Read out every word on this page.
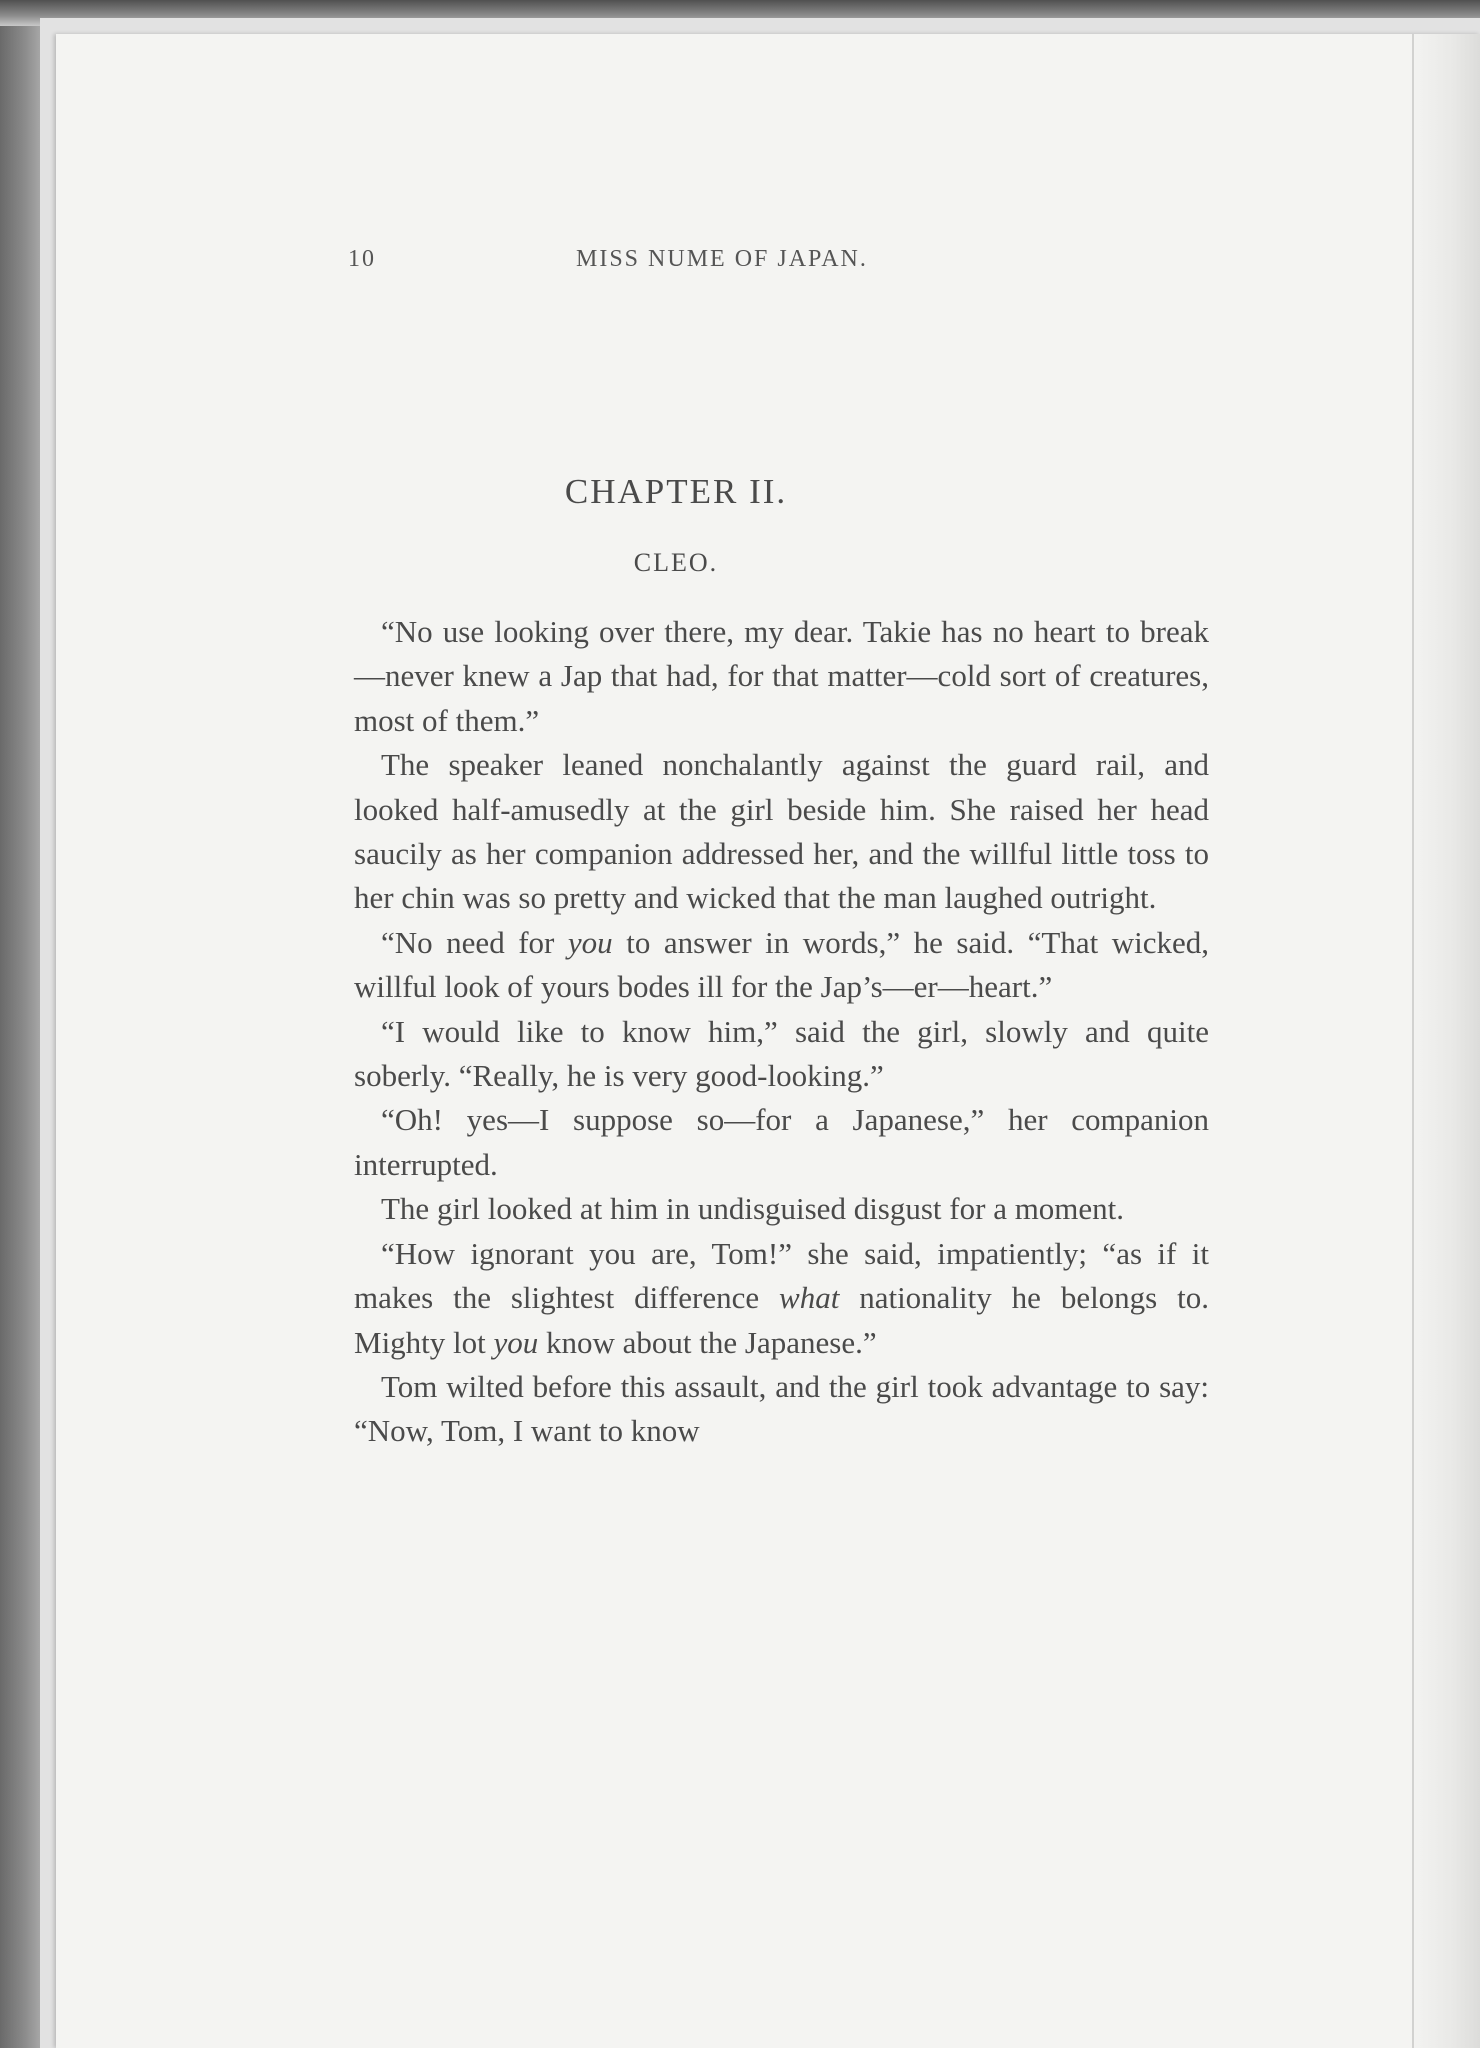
10	MISS NUME OF JAPAN.
CHAPTER II.
CLEO.

“No use looking over there, my dear. Takie has no heart to break—never knew a Jap that had, for that matter—cold sort of creatures, most of them.”

The speaker leaned nonchalantly against the guard rail, and looked half-amusedly at the girl beside him. She raised her head saucily as her companion addressed her, and the willful little toss to her chin was so pretty and wicked that the man laughed outright.

“No need for you to answer in words,” he said. “That wicked, willful look of yours bodes ill for the Jap’s—er—heart.”

“I would like to know him,” said the girl, slowly and quite soberly. “Really, he is very good-looking.”

“Oh! yes—I suppose so—for a Japanese,” her companion interrupted.

The girl looked at him in undisguised disgust for a moment.

“How ignorant you are, Tom!” she said, impatiently; “as if it makes the slightest difference what nationality he belongs to. Mighty lot you know about the Japanese.”

Tom wilted before this assault, and the girl took advantage to say: “Now, Tom, I want to know
